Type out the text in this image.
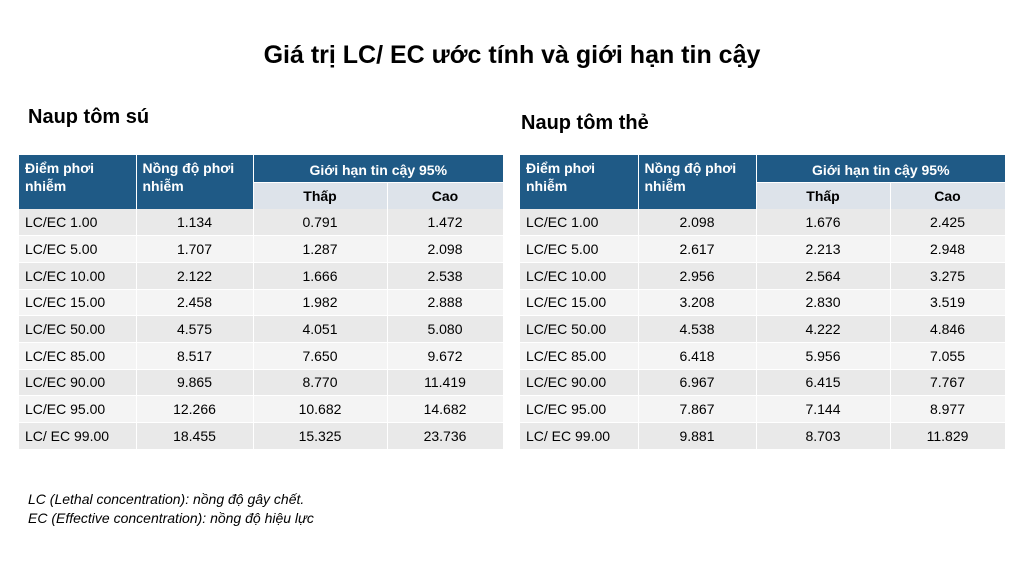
Giá trị LC/ EC ước tính và giới hạn tin cậy
Naup tôm sú	Naup tôm thẻ
Điểm phơi nhiễm	Nồng độ phơi nhiễm	Giới hạn tin cậy 95%	
		Thấp	Cao
LC/EC 1.00	1.134	0.791	1.472
LC/EC 5.00	1.707	1.287	2.098
LC/EC 10.00	2.122	1.666	2.538
LC/EC 15.00	2.458	1.982	2.888
LC/EC 50.00	4.575	4.051	5.080
LC/EC 85.00	8.517	7.650	9.672
LC/EC 90.00	9.865	8.770	11.419
LC/EC 95.00	12.266	10.682	14.682
LC/ EC 99.00	18.455	15.325	23.736
Điểm phơi nhiễm	Nồng độ phơi nhiễm	Giới hạn tin cậy 95%	
		Thấp	Cao
LC/EC 1.00	2.098	1.676	2.425
LC/EC 5.00	2.617	2.213	2.948
LC/EC 10.00	2.956	2.564	3.275
LC/EC 15.00	3.208	2.830	3.519
LC/EC 50.00	4.538	4.222	4.846
LC/EC 85.00	6.418	5.956	7.055
LC/EC 90.00	6.967	6.415	7.767
LC/EC 95.00	7.867	7.144	8.977
LC/ EC 99.00	9.881	8.703	11.829
LC (Lethal concentration): nồng độ gây chết.
EC (Effective concentration): nồng độ hiệu lực
